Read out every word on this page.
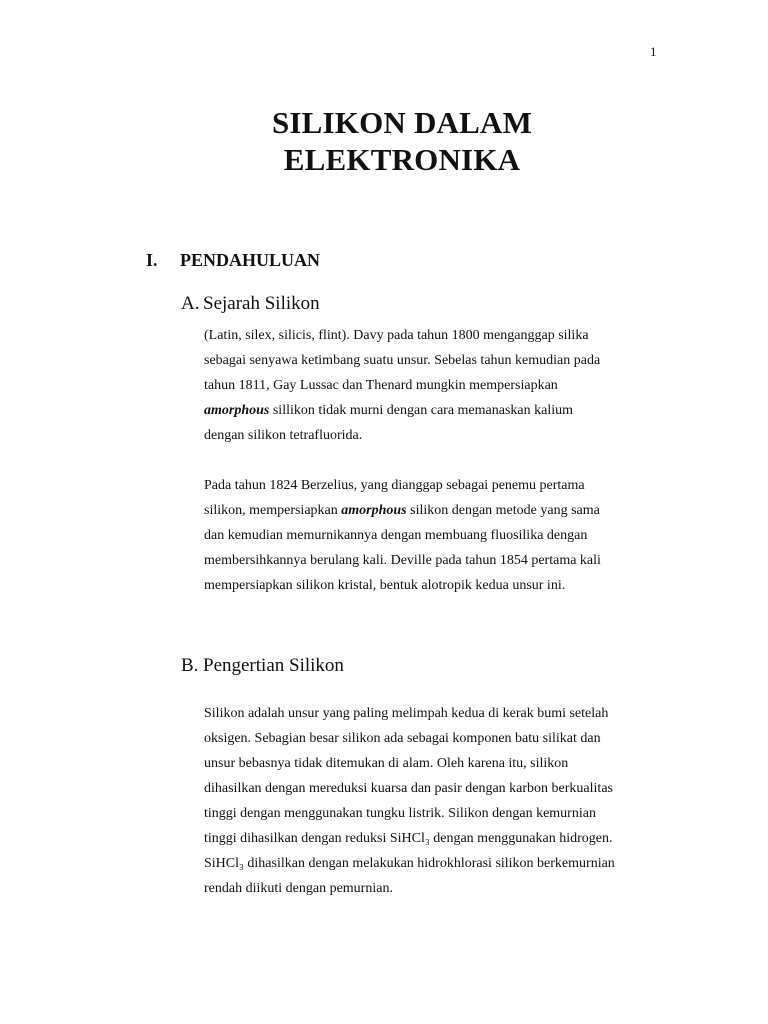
1
SILIKON DALAM
ELEKTRONIKA
I. PENDAHULUAN
A. Sejarah Silikon

(Latin, silex, silicis, flint). Davy pada tahun 1800 menganggap silika
sebagai senyawa ketimbang suatu unsur. Sebelas tahun kemudian pada
tahun 1811, Gay Lussac dan Thenard mungkin mempersiapkan
amorphous sillikon tidak murni dengan cara memanaskan kalium
dengan silikon tetrafluorida.

Pada tahun 1824 Berzelius, yang dianggap sebagai penemu pertama
silikon, mempersiapkan amorphous silikon dengan metode yang sama
dan kemudian memurnikannya dengan membuang fluosilika dengan
membersihkannya berulang kali. Deville pada tahun 1854 pertama kali
mempersiapkan silikon kristal, bentuk alotropik kedua unsur ini.

B. Pengertian Silikon

Silikon adalah unsur yang paling melimpah kedua di kerak bumi setelah
oksigen. Sebagian besar silikon ada sebagai komponen batu silikat dan
unsur bebasnya tidak ditemukan di alam. Oleh karena itu, silikon
dihasilkan dengan mereduksi kuarsa dan pasir dengan karbon berkualitas
tinggi dengan menggunakan tungku listrik. Silikon dengan kemurnian
tinggi dihasilkan dengan reduksi SiHCl₃ dengan menggunakan hidrogen.
SiHCl₃ dihasilkan dengan melakukan hidrokhlorasi silikon berkemurnian
rendah diikuti dengan pemurnian.
